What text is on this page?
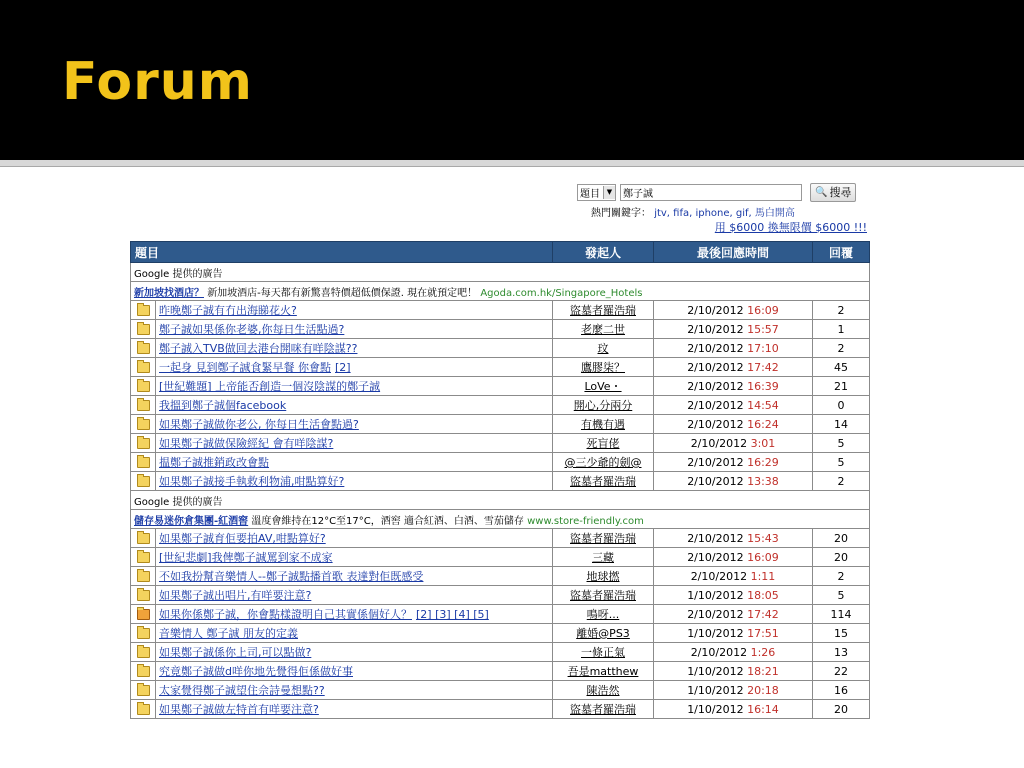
Forum
題目 ▼	鄭子誠	🔍 搜尋
熱門關鍵字： jtv, fifa, iphone, gif, 馬白開高
用 $6000 換無限價 $6000 !!!
題目		發起人	最後回應時間	回覆
Google 提供的廣告				
新加坡找酒店？ 新加坡酒店-每天都有新驚喜特價超低價保證. 現在就預定吧！ Agoda.com.hk/Singapore_Hotels				
	昨晚鄭子誠有冇出海睇花火?	盜墓者羅浩瑞	2/10/2012 16:09	2
	鄭子誠如果係你老婆,你每日生活點過?	老麼二世	2/10/2012 15:57	1
	鄭子誠入TVB做回去港台開咪有咩陰謀??	玟	2/10/2012 17:10	2
	一起身 見到鄭子誠食緊早餐 你會點 [2]	鷹膠柒？	2/10/2012 17:42	45
	[世紀難題] 上帝能否創造一個沒陰謀的鄭子誠	LoVe・	2/10/2012 16:39	21
	我搵到鄭子誠個facebook	開心,分兩分	2/10/2012 14:54	0
	如果鄭子誠做你老公, 你每日生活會點過?	有機有遇	2/10/2012 16:24	14
	如果鄭子誠做保險經紀 會有咩陰謀?	死盲佬	2/10/2012 3:01	5
	揾鄭子誠推銷政改會點	@三少爺的劍@	2/10/2012 16:29	5
	如果鄭子誠接手執救利物浦,咁點算好?	盜墓者羅浩瑞	2/10/2012 13:38	2
Google 提供的廣告				
儲存易迷你倉集團-紅酒窖 溫度會維持在12°C至17°C，酒窖 適合紅酒、白酒、雪茄儲存 www.store-friendly.com				
	如果鄭子誠育佢要拍AV,咁點算好?	盜墓者羅浩瑞	2/10/2012 15:43	20
	[世紀悲劇]我俾鄭子誠罵到家不成家	三藏	2/10/2012 16:09	20
	不如我扮幫音樂情人--鄭子誠點播首歌 表達對佢既感受	地球撚	2/10/2012 1:11	2
	如果鄭子誠出唱片,有咩要注意?	盜墓者羅浩瑞	1/10/2012 18:05	5
	如果你係鄭子誠，你會點樣證明自己其實係個好人？ [2] [3] [4] [5]	鳴呀...	2/10/2012 17:42	114
	音樂情人 鄭子誠 朋友的定義	離婚@PS3	1/10/2012 17:51	15
	如果鄭子誠係你上司,可以點做?	一條正氣	2/10/2012 1:26	13
	究竟鄭子誠做d咩你地先覺得佢係做好事	吾是matthew	1/10/2012 18:21	22
	太家覺得鄭子誠望住佘詩曼想點??	陳浩然	1/10/2012 20:18	16
	如果鄭子誠做左特首有咩要注意?	盜墓者羅浩瑞	1/10/2012 16:14	20
